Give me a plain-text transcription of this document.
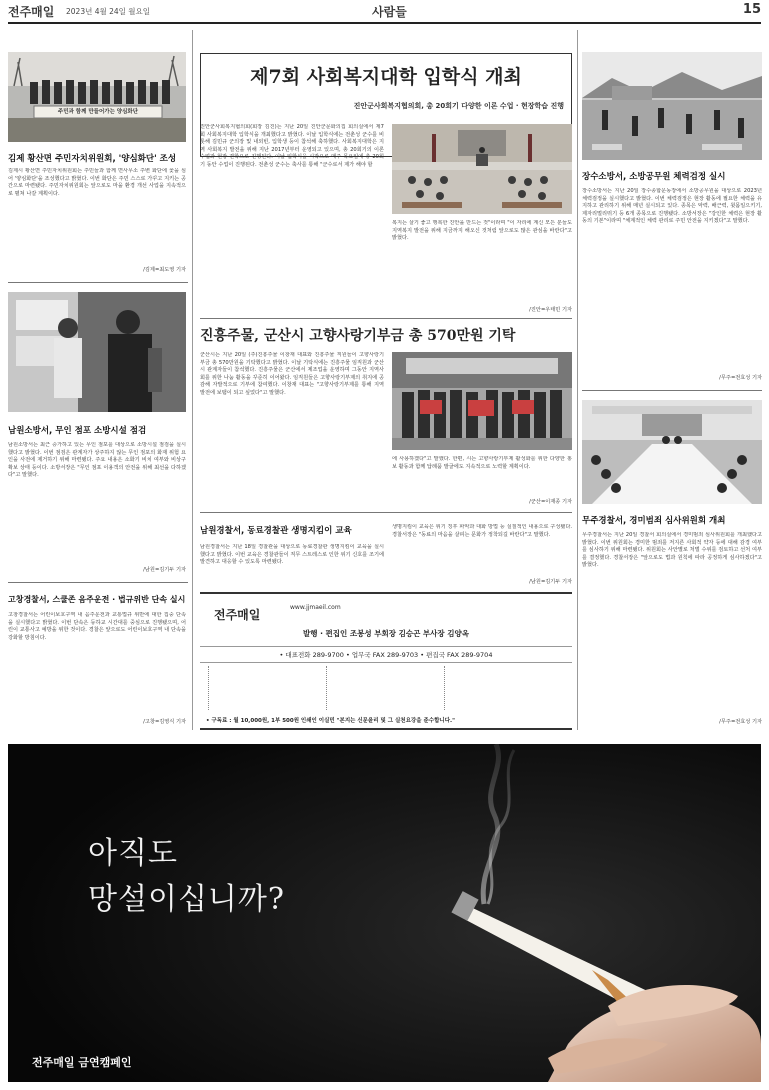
전주매일 2023년 4월 24일 월요일	사람들	15
제7회 사회복지대학 입학식 개최
진안군사회복지협의회, 총 20회기 다양한 이론 수업 · 현장학습 진행

진안군사회복지협의회(회장 김진)는 지난 20일 진안군문화의집 회의실에서 제7회 사회복지대학 입학식을 개최했다고 밝혔다. 이날 입학식에는 전춘성 군수를 비롯해 김민규 군의장 및 내외빈, 입학생 등이 참석해 축하했다. 사회복지대학은 지역 사회복지 발전을 위해 지난 2017년부터 운영되고 있으며, 총 20회기의 이론 수업과 현장 견학으로 진행된다. 이날 입학식을 시작으로 매주 목요일에 총 20회기 동안 수업이 진행된다. 전춘성 군수는 축사를 통해 "군수로서 제가 해야 할

복지는 살기 좋고 행복한 진안을 만드는 것"이라며 "이 자리에 계신 모든 분들도 지역복지 발전을 위해 지금까지 해오신 것처럼 앞으로도 많은 관심을 바란다"고 밝혔다.

/진안=우태민 기자
진흥주물, 군산시 고향사랑기부금 총 570만원 기탁

군산시는 지난 20일 (주)진흥주물 이창재 대표와 진흥주물 직원들이 고향사랑기부금 총 570만원을 기탁했다고 밝혔다. 이날 기탁식에는 진흥주물 임직원과 군산시 관계자들이 참석했다. 진흥주물은 군산에서 제조업을 운영하며 그동안 지역사회를 위한 나눔 활동을 꾸준히 이어왔다. 임직원들은 고향사랑기부제의 취지에 공감해 자발적으로 기부에 참여했다. 이창재 대표는 "고향사랑기부제를 통해 지역 발전에 보탬이 되고 싶었다"고 말했다.

에 사용하겠다"고 말했다. 한편, 시는 고향사랑기부제 활성화를 위한 다양한 홍보 활동과 함께 답례품 발굴에도 지속적으로 노력할 계획이다.

/군산=이재종 기자
남원경찰서, 동료경찰관 생명지킴이 교육

남원경찰서는 지난 18일 경찰관을 대상으로 동료경찰관 생명지킴이 교육을 실시했다고 밝혔다. 이번 교육은 경찰관들이 직무 스트레스로 인한 위기 신호를 조기에 발견하고 대응할 수 있도록 마련됐다.

생명지킴이 교육은 위기 징후 파악과 대화 방법 등 실질적인 내용으로 구성됐다. 경찰서장은 "동료의 마음을 살피는 문화가 정착되길 바란다"고 말했다.

/남원=김기두 기자
전주매일
www.jjmaeil.com
발행 · 편집인 조봉성 부회장 김승곤 부사장 김양옥
• 대표전화 289-9700 • 업무국 FAX 289-9703 • 편집국 FAX 289-9704
• 구독료 : 월 10,000원, 1부 500원 인쇄인 이실민 "본지는 신문윤리 및 그 실천요강을 준수합니다."
주민과 함께 만들어가는 양심화단
김제 황산면 주민자치위원회, '양심화단' 조성

김제시 황산면 주민자치위원회는 주민들과 함께 면사무소 주변 화단에 꽃을 심어 '양심화단'을 조성했다고 밝혔다. 이번 화단은 주민 스스로 가꾸고 지키는 공간으로 마련됐다. 주민자치위원회는 앞으로도 마을 환경 개선 사업을 지속적으로 펼쳐 나갈 계획이다.

/김제=최도영 기자
남원소방서, 무인 점포 소방시설 점검

남원소방서는 최근 증가하고 있는 무인 점포를 대상으로 소방시설 점검을 실시했다고 밝혔다. 이번 점검은 관계자가 상주하지 않는 무인 점포의 화재 위험 요인을 사전에 제거하기 위해 마련됐다. 주요 내용은 소화기 비치 여부와 비상구 확보 상태 등이다. 소방서장은 "무인 점포 이용객의 안전을 위해 최선을 다하겠다"고 말했다.

/남원=김기두 기자
고창경찰서, 스쿨존 음주운전 · 법규위반 단속 실시

고창경찰서는 어린이보호구역 내 음주운전과 교통법규 위반에 대한 집중 단속을 실시했다고 밝혔다. 이번 단속은 등하교 시간대를 중심으로 진행됐으며, 어린이 교통사고 예방을 위한 것이다. 경찰은 앞으로도 어린이보호구역 내 단속을 강화할 방침이다.

/고창=김영식 기자
장수소방서, 소방공무원 체력검정 실시

장수소방서는 지난 20일 장수종합운동장에서 소방공무원을 대상으로 2023년 체력검정을 실시했다고 밝혔다. 이번 체력검정은 현장 활동에 필요한 체력을 유지하고 관리하기 위해 매년 실시되고 있다. 종목은 악력, 배근력, 윗몸일으키기, 제자리멀리뛰기 등 6개 종목으로 진행됐다. 소방서장은 "강인한 체력은 현장 활동의 기본"이라며 "체계적인 체력 관리로 주민 안전을 지키겠다"고 말했다.

/무주=전효성 기자
무주경찰서, 경미범죄 심사위원회 개최

무주경찰서는 지난 20일 경찰서 회의실에서 경미범죄 심사위원회를 개최했다고 밝혔다. 이번 위원회는 경미한 범죄를 저지른 사회적 약자 등에 대해 감경 여부를 심사하기 위해 마련됐다. 위원회는 사안별로 처벌 수위를 검토하고 선처 여부를 결정했다. 경찰서장은 "앞으로도 법과 원칙에 따라 공정하게 심사하겠다"고 밝혔다.

/무주=전효성 기자
아직도
망설이십니까?
전주매일 금연캠페인
